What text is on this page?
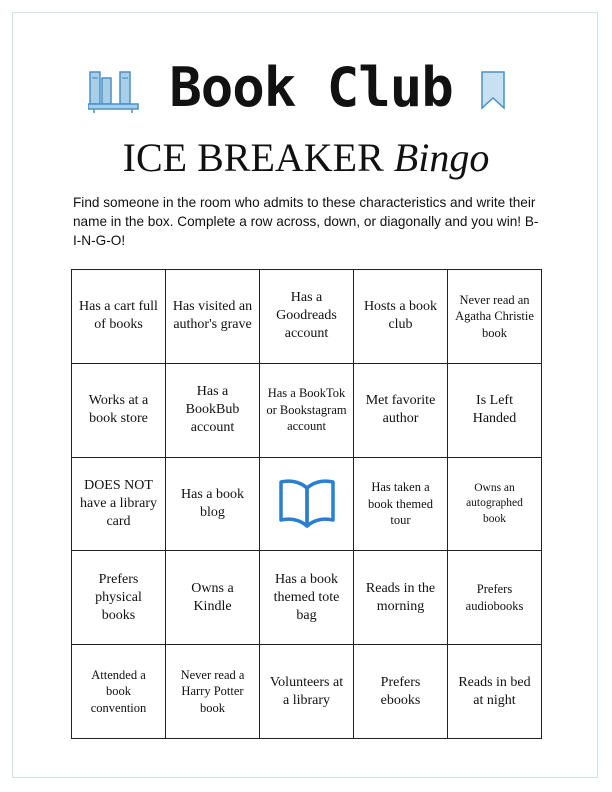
Book Club
ICE BREAKER Bingo
Find someone in the room who admits to these characteristics and write their name in the box. Complete a row across, down, or diagonally and you win! B-I-N-G-O!
Has a cart full of books	Has visited an author's grave	Has a Goodreads account	Hosts a book club	Never read an Agatha Christie book
Works at a book store	Has a BookBub account	Has a BookTok or Bookstagram account	Met favorite author	Is Left Handed
DOES NOT have a library card	Has a book blog		Has taken a book themed tour	Owns an autographed book
Prefers physical books	Owns a Kindle	Has a book themed tote bag	Reads in the morning	Prefers audiobooks
Attended a book convention	Never read a Harry Potter book	Volunteers at a library	Prefers ebooks	Reads in bed at night
